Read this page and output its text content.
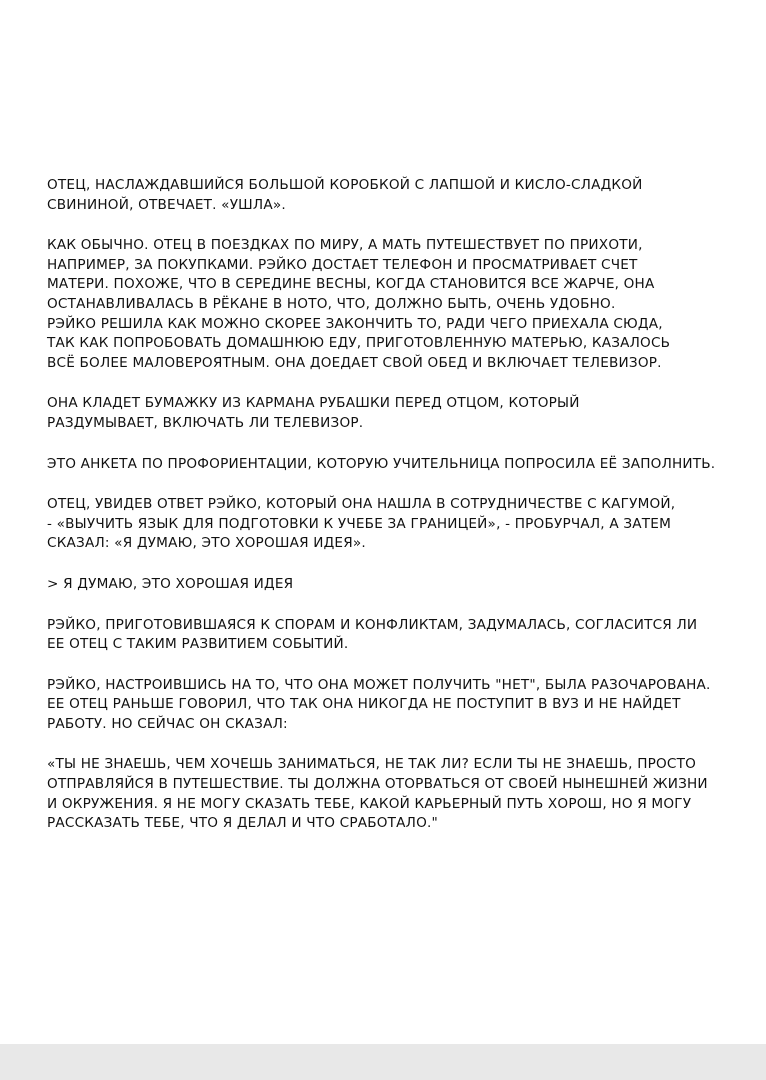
ОТЕЦ, НАСЛАЖДАВШИЙСЯ БОЛЬШОЙ КОРОБКОЙ С ЛАПШОЙ И КИСЛО-СЛАДКОЙ
СВИНИНОЙ, ОТВЕЧАЕТ. «УШЛА».

КАК ОБЫЧНО. ОТЕЦ В ПОЕЗДКАХ ПО МИРУ, А МАТЬ ПУТЕШЕСТВУЕТ ПО ПРИХОТИ,
НАПРИМЕР, ЗА ПОКУПКАМИ. РЭЙКО ДОСТАЕТ ТЕЛЕФОН И ПРОСМАТРИВАЕТ СЧЕТ
МАТЕРИ. ПОХОЖЕ, ЧТО В СЕРЕДИНЕ ВЕСНЫ, КОГДА СТАНОВИТСЯ ВСЕ ЖАРЧЕ, ОНА
ОСТАНАВЛИВАЛАСЬ В РЁКАНЕ В НОТО, ЧТО, ДОЛЖНО БЫТЬ, ОЧЕНЬ УДОБНО.
РЭЙКО РЕШИЛА КАК МОЖНО СКОРЕЕ ЗАКОНЧИТЬ ТО, РАДИ ЧЕГО ПРИЕХАЛА СЮДА,
ТАК КАК ПОПРОБОВАТЬ ДОМАШНЮЮ ЕДУ, ПРИГОТОВЛЕННУЮ МАТЕРЬЮ, КАЗАЛОСЬ
ВСЁ БОЛЕЕ МАЛОВЕРОЯТНЫМ. ОНА ДОЕДАЕТ СВОЙ ОБЕД И ВКЛЮЧАЕТ ТЕЛЕВИЗОР.

ОНА КЛАДЕТ БУМАЖКУ ИЗ КАРМАНА РУБАШКИ ПЕРЕД ОТЦОМ, КОТОРЫЙ
РАЗДУМЫВАЕТ, ВКЛЮЧАТЬ ЛИ ТЕЛЕВИЗОР.

ЭТО АНКЕТА ПО ПРОФОРИЕНТАЦИИ, КОТОРУЮ УЧИТЕЛЬНИЦА ПОПРОСИЛА ЕЁ ЗАПОЛНИТЬ.

ОТЕЦ, УВИДЕВ ОТВЕТ РЭЙКО, КОТОРЫЙ ОНА НАШЛА В СОТРУДНИЧЕСТВЕ С КАГУМОЙ,
- «ВЫУЧИТЬ ЯЗЫК ДЛЯ ПОДГОТОВКИ К УЧЕБЕ ЗА ГРАНИЦЕЙ», - ПРОБУРЧАЛ, А ЗАТЕМ
СКАЗАЛ: «Я ДУМАЮ, ЭТО ХОРОШАЯ ИДЕЯ».

> Я ДУМАЮ, ЭТО ХОРОШАЯ ИДЕЯ

РЭЙКО, ПРИГОТОВИВШАЯСЯ К СПОРАМ И КОНФЛИКТАМ, ЗАДУМАЛАСЬ, СОГЛАСИТСЯ ЛИ
ЕЕ ОТЕЦ С ТАКИМ РАЗВИТИЕМ СОБЫТИЙ.

РЭЙКО, НАСТРОИВШИСЬ НА ТО, ЧТО ОНА МОЖЕТ ПОЛУЧИТЬ "НЕТ", БЫЛА РАЗОЧАРОВАНА.
ЕЕ ОТЕЦ РАНЬШЕ ГОВОРИЛ, ЧТО ТАК ОНА НИКОГДА НЕ ПОСТУПИТ В ВУЗ И НЕ НАЙДЕТ
РАБОТУ. НО СЕЙЧАС ОН СКАЗАЛ:

«ТЫ НЕ ЗНАЕШЬ, ЧЕМ ХОЧЕШЬ ЗАНИМАТЬСЯ, НЕ ТАК ЛИ? ЕСЛИ ТЫ НЕ ЗНАЕШЬ, ПРОСТО
ОТПРАВЛЯЙСЯ В ПУТЕШЕСТВИЕ. ТЫ ДОЛЖНА ОТОРВАТЬСЯ ОТ СВОЕЙ НЫНЕШНЕЙ ЖИЗНИ
И ОКРУЖЕНИЯ. Я НЕ МОГУ СКАЗАТЬ ТЕБЕ, КАКОЙ КАРЬЕРНЫЙ ПУТЬ ХОРОШ, НО Я МОГУ
РАССКАЗАТЬ ТЕБЕ, ЧТО Я ДЕЛАЛ И ЧТО СРАБОТАЛО."
